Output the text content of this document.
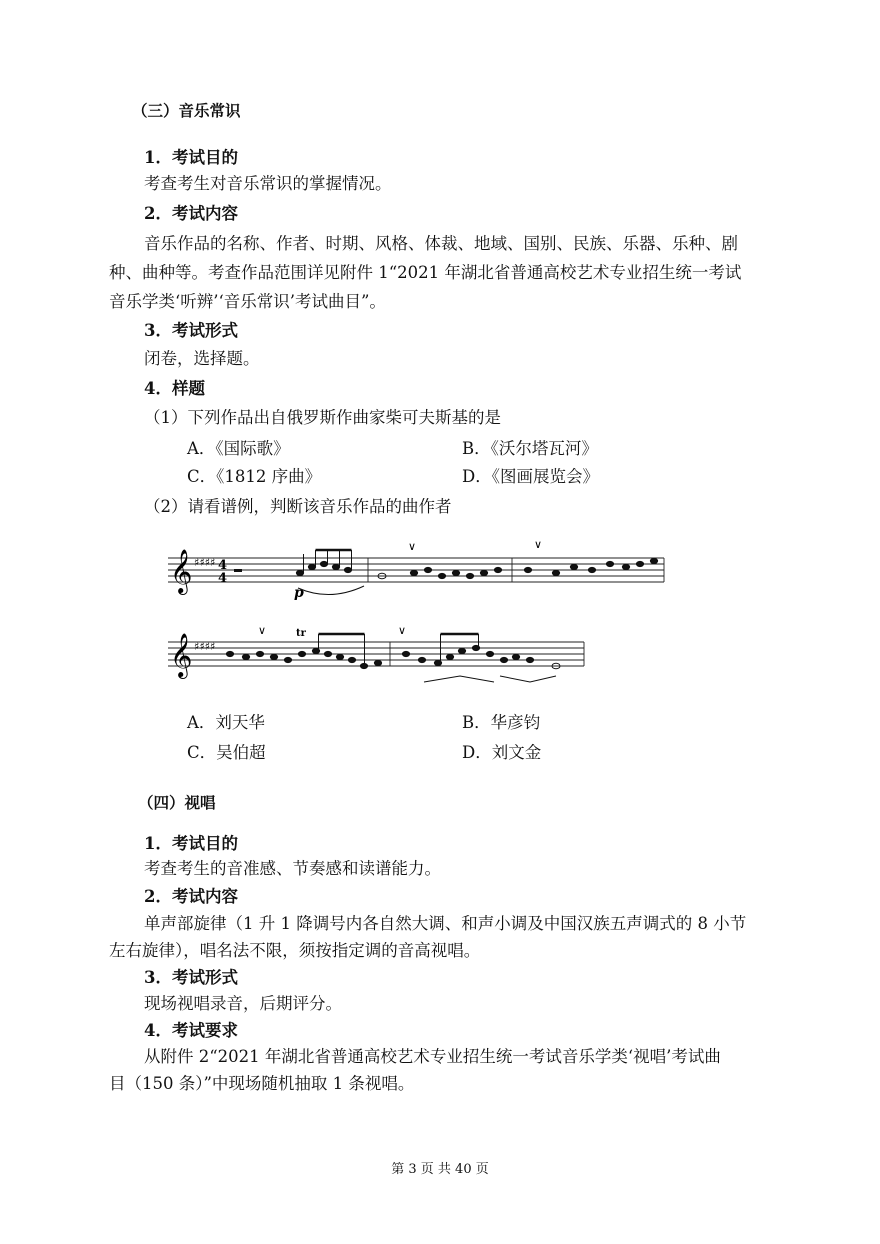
（三）音乐常识
1．考试目的
考查考生对音乐常识的掌握情况。
2．考试内容
音乐作品的名称、作者、时期、风格、体裁、地域、国别、民族、乐器、乐种、剧
种、曲种等。考查作品范围详见附件 1“2021 年湖北省普通高校艺术专业招生统一考试
音乐学类‘听辨’‘音乐常识’考试曲目”。
3．考试形式
闭卷，选择题。
4．样题
（1）下列作品出自俄罗斯作曲家柴可夫斯基的是
A．《国际歌》	B．《沃尔塔瓦河》
C．《1812 序曲》	D．《图画展览会》
（2）请看谱例，判断该音乐作品的曲作者
𝄞 ♯♯♯♯ 4
4
p
∨	∨
𝄞 ♯♯♯♯
tr
∨	∨
A．刘天华	B．华彦钧
C．吴伯超	D．刘文金
（四）视唱
1．考试目的
考查考生的音准感、节奏感和读谱能力。
2．考试内容
单声部旋律（1 升 1 降调号内各自然大调、和声小调及中国汉族五声调式的 8 小节
左右旋律），唱名法不限，须按指定调的音高视唱。
3．考试形式
现场视唱录音，后期评分。
4．考试要求
从附件 2“2021 年湖北省普通高校艺术专业招生统一考试音乐学类‘视唱’考试曲
目（150 条）”中现场随机抽取 1 条视唱。
第 3 页 共 40 页
